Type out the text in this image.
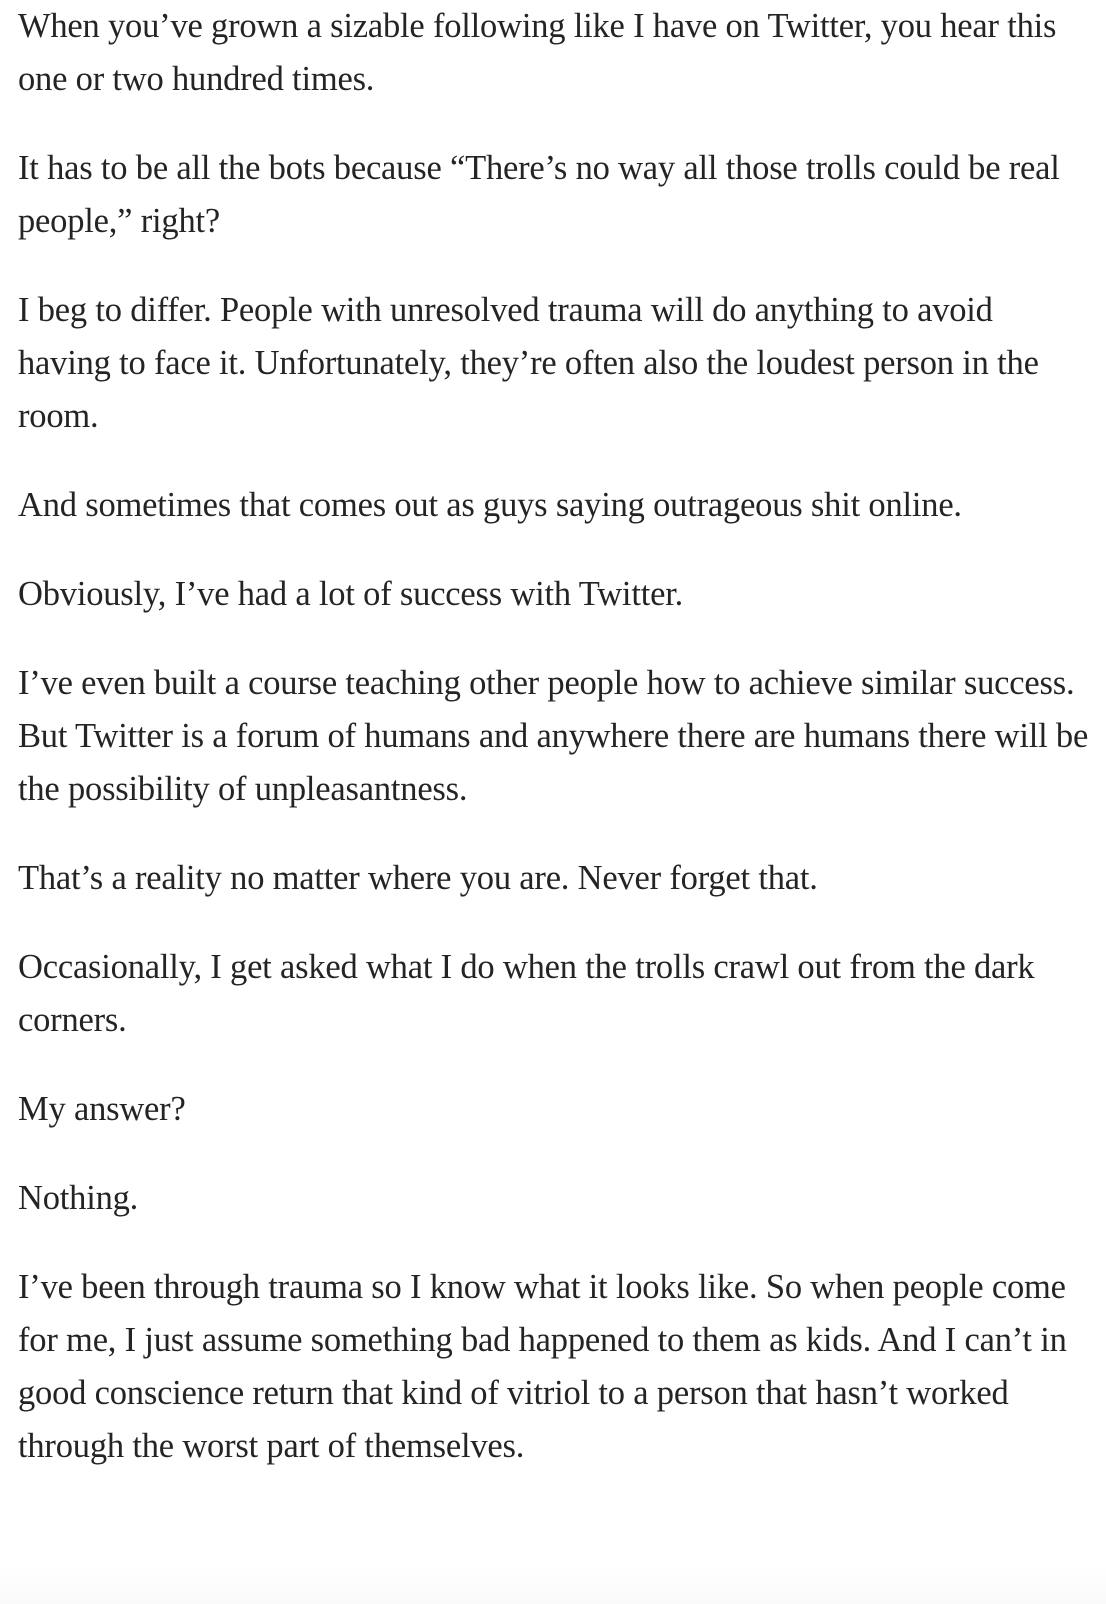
When you’ve grown a sizable following like I have on Twitter, you hear this one or two hundred times.

It has to be all the bots because “There’s no way all those trolls could be real people,” right?

I beg to differ. People with unresolved trauma will do anything to avoid having to face it. Unfortunately, they’re often also the loudest person in the room.

And sometimes that comes out as guys saying outrageous shit online.

Obviously, I’ve had a lot of success with Twitter.

I’ve even built a course teaching other people how to achieve similar success. But Twitter is a forum of humans and anywhere there are humans there will be the possibility of unpleasantness.

That’s a reality no matter where you are. Never forget that.

Occasionally, I get asked what I do when the trolls crawl out from the dark corners.

My answer?

Nothing.

I’ve been through trauma so I know what it looks like. So when people come for me, I just assume something bad happened to them as kids. And I can’t in good conscience return that kind of vitriol to a person that hasn’t worked through the worst part of themselves.
